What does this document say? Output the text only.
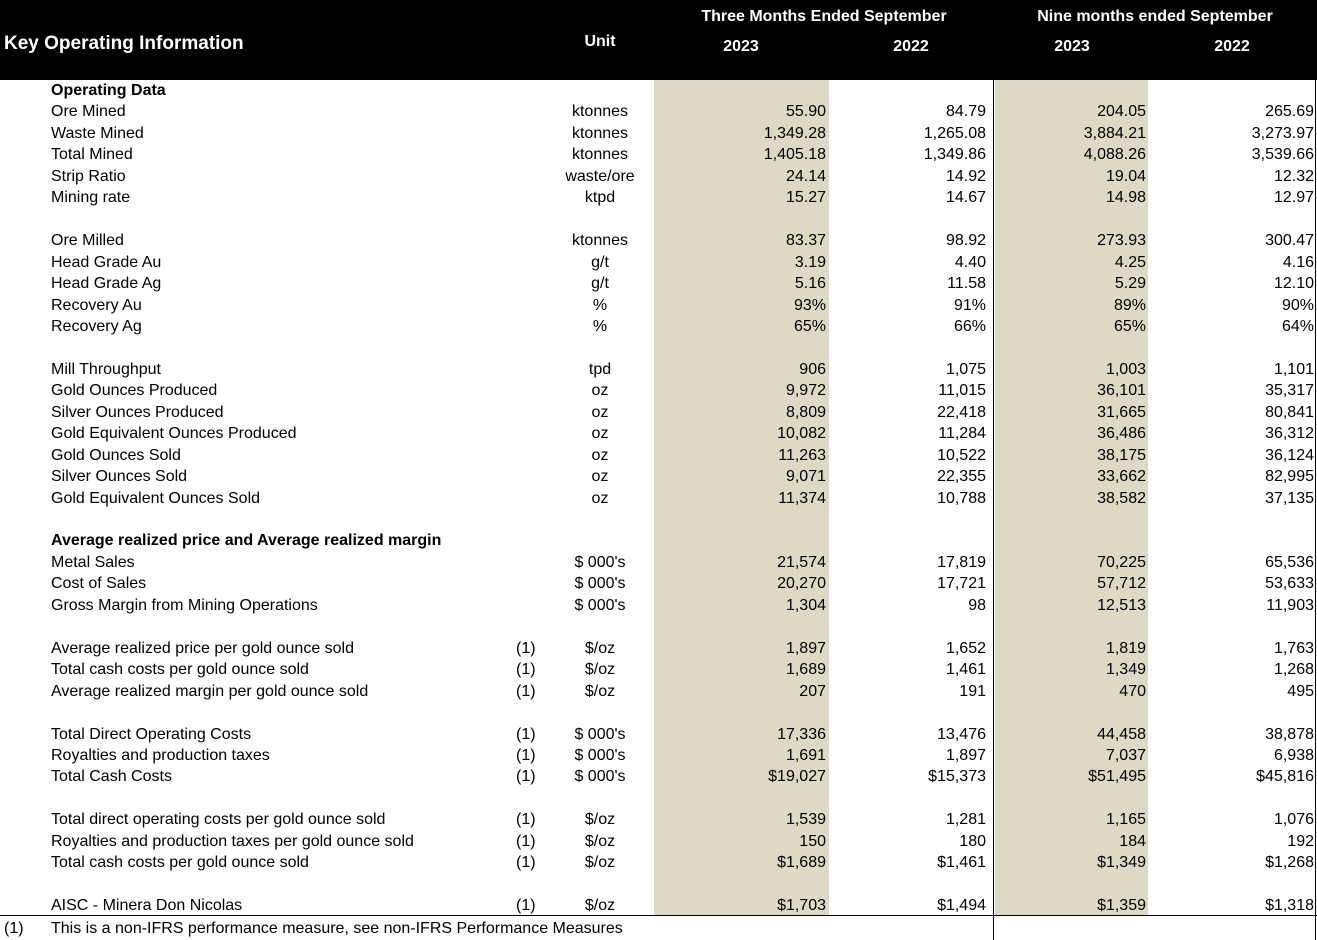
Key Operating Information	Unit
Three Months Ended September	Nine months ended September
2023	2022	2023	2022
Operating Data
Ore Mined	ktonnes	55.90	84.79	204.05	265.69
Waste Mined	ktonnes	1,349.28	1,265.08	3,884.21	3,273.97
Total Mined	ktonnes	1,405.18	1,349.86	4,088.26	3,539.66
Strip Ratio	waste/ore	24.14	14.92	19.04	12.32
Mining rate	ktpd	15.27	14.67	14.98	12.97
Ore Milled	ktonnes	83.37	98.92	273.93	300.47
Head Grade Au	g/t	3.19	4.40	4.25	4.16
Head Grade Ag	g/t	5.16	11.58	5.29	12.10
Recovery Au	%	93%	91%	89%	90%
Recovery Ag	%	65%	66%	65%	64%
Mill Throughput	tpd	906	1,075	1,003	1,101
Gold Ounces Produced	oz	9,972	11,015	36,101	35,317
Silver Ounces Produced	oz	8,809	22,418	31,665	80,841
Gold Equivalent Ounces Produced	oz	10,082	11,284	36,486	36,312
Gold Ounces Sold	oz	11,263	10,522	38,175	36,124
Silver Ounces Sold	oz	9,071	22,355	33,662	82,995
Gold Equivalent Ounces Sold	oz	11,374	10,788	38,582	37,135
Average realized price and Average realized margin
Metal Sales	$ 000's	21,574	17,819	70,225	65,536
Cost of Sales	$ 000's	20,270	17,721	57,712	53,633
Gross Margin from Mining Operations	$ 000's	1,304	98	12,513	11,903
Average realized price per gold ounce sold	(1)	$/oz	1,897	1,652	1,819	1,763
Total cash costs per gold ounce sold	(1)	$/oz	1,689	1,461	1,349	1,268
Average realized margin per gold ounce sold	(1)	$/oz	207	191	470	495
Total Direct Operating Costs	(1)	$ 000's	17,336	13,476	44,458	38,878
Royalties and production taxes	(1)	$ 000's	1,691	1,897	7,037	6,938
Total Cash Costs	(1)	$ 000's	$19,027	$15,373	$51,495	$45,816
Total direct operating costs per gold ounce sold	(1)	$/oz	1,539	1,281	1,165	1,076
Royalties and production taxes per gold ounce sold	(1)	$/oz	150	180	184	192
Total cash costs per gold ounce sold	(1)	$/oz	$1,689	$1,461	$1,349	$1,268
AISC - Minera Don Nicolas	(1)	$/oz	$1,703	$1,494	$1,359	$1,318
(1) This is a non-IFRS performance measure, see non-IFRS Performance Measures
